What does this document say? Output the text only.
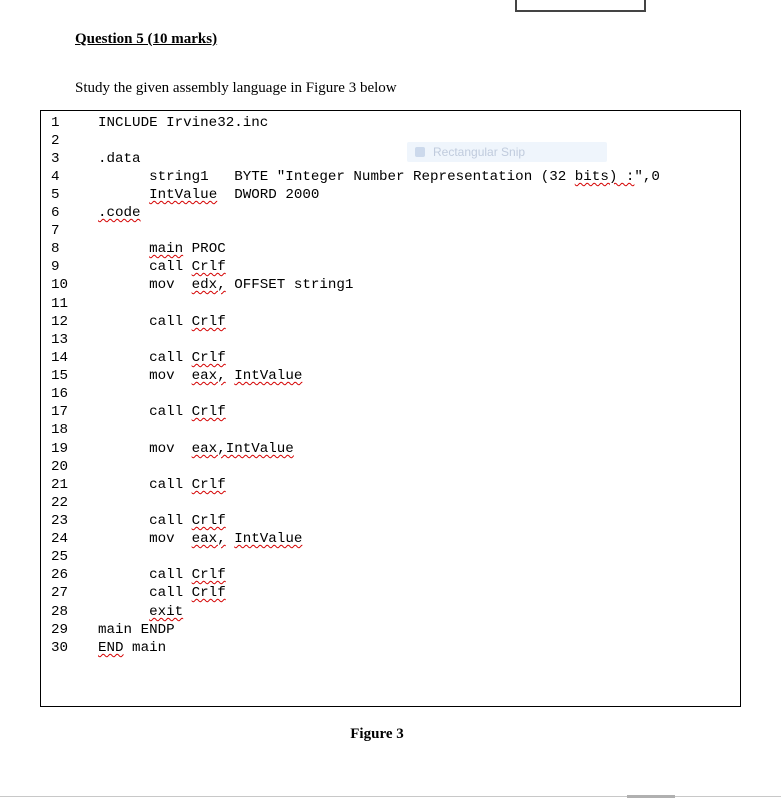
Question 5 (10 marks)
Study the given assembly language in Figure 3 below
1
2
3
4
5
6
7
8
9
10
11
12
13
14
15
16
17
18
19
20
21
22
23
24
25
26
27
28
29
30
INCLUDE Irvine32.inc
.data
string1   BYTE "Integer Number Representation (32 bits) :",0
IntValue  DWORD 2000
.code
main PROC
call Crlf
mov  edx, OFFSET string1
call Crlf
call Crlf
mov  eax, IntValue
call Crlf
mov  eax,IntValue
call Crlf
call Crlf
mov  eax, IntValue
call Crlf
call Crlf
exit
main ENDP
END main
Rectangular Snip
Figure 3
